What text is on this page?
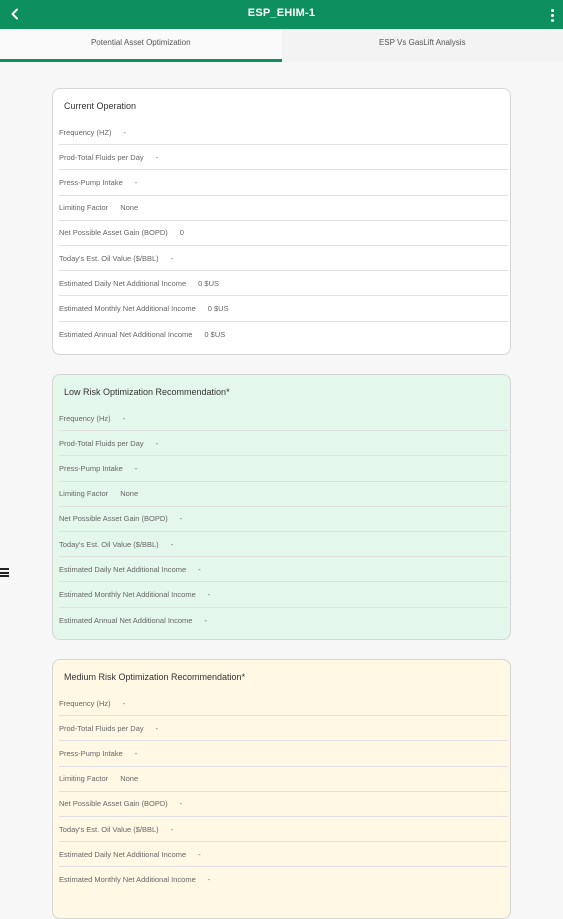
ESP_EHIM-1
Potential Asset Optimization	ESP Vs GasLift Analysis
Current Operation
Frequency (HZ) -
Prod-Total Fluids per Day -
Press-Pump Intake -
Limiting Factor None
Net Possible Asset Gain (BOPD) 0
Today's Est. Oil Value ($/BBL) -
Estimated Daily Net Additional Income 0 $US
Estimated Monthly Net Additional Income 0 $US
Estimated Annual Net Additional Income 0 $US
Low Risk Optimization Recommendation*
Frequency (Hz) -
Prod-Total Fluids per Day -
Press-Pump Intake -
Limiting Factor None
Net Possible Asset Gain (BOPD) -
Today's Est. Oil Value ($/BBL) -
Estimated Daily Net Additional Income -
Estimated Monthly Net Additional Income -
Estimated Annual Net Additional Income -
Medium Risk Optimization Recommendation*
Frequency (Hz) -
Prod-Total Fluids per Day -
Press-Pump Intake -
Limiting Factor None
Net Possible Asset Gain (BOPD) -
Today's Est. Oil Value ($/BBL) -
Estimated Daily Net Additional Income -
Estimated Monthly Net Additional Income -
